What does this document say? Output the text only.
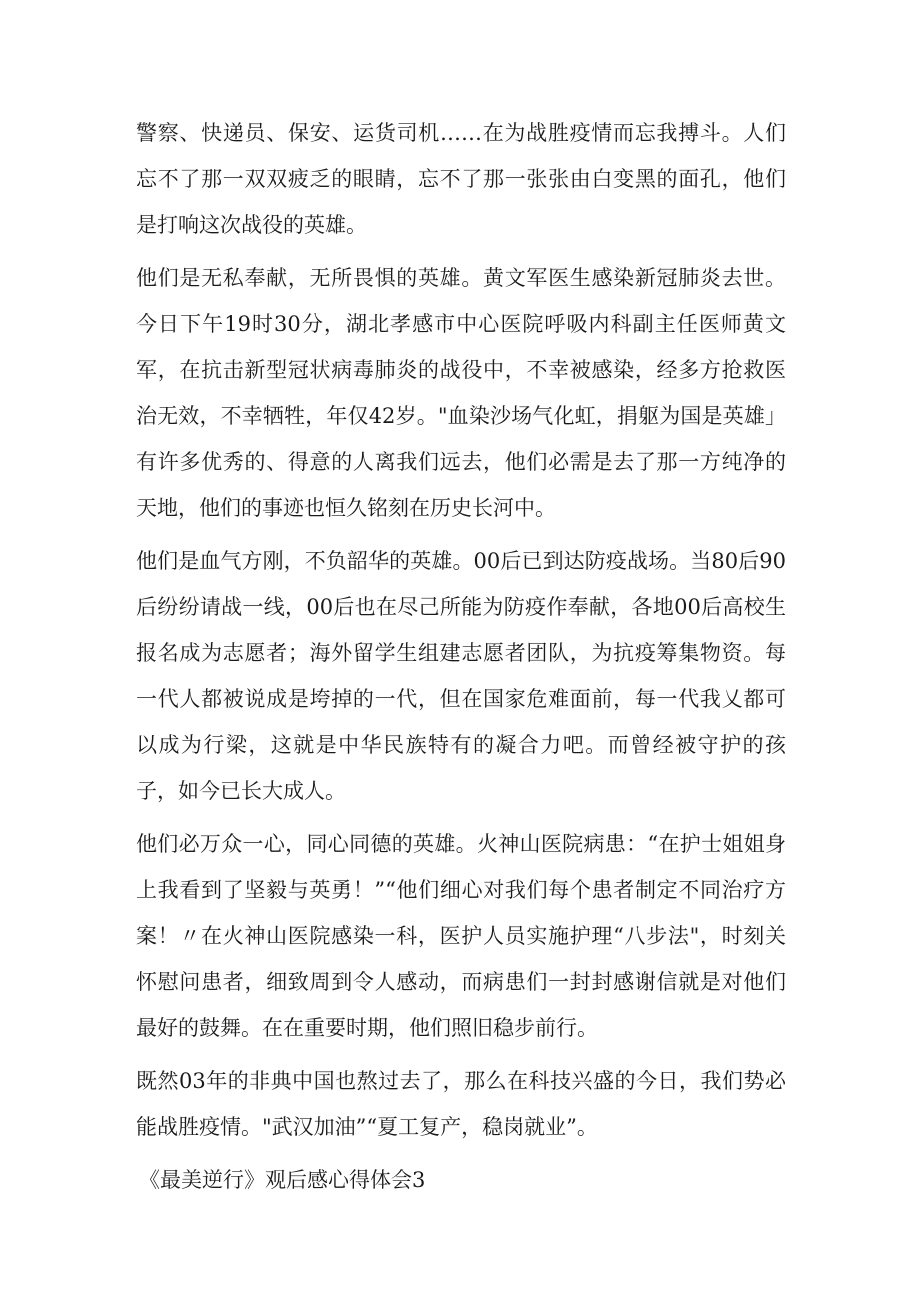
警察、快递员、保安、运货司机……在为战胜疫情而忘我搏斗。人们忘不了那一双双疲乏的眼睛，忘不了那一张张由白变黑的面孔，他们是打响这次战役的英雄。

他们是无私奉献，无所畏惧的英雄。黄文军医生感染新冠肺炎去世。今日下午19时30分，湖北孝感市中心医院呼吸内科副主任医师黄文军，在抗击新型冠状病毒肺炎的战役中，不幸被感染，经多方抢救医治无效，不幸牺牲，年仅42岁。"血染沙场气化虹，捐躯为国是英雄」有许多优秀的、得意的人离我们远去，他们必需是去了那一方纯净的天地，他们的事迹也恒久铭刻在历史长河中。

他们是血气方刚，不负韶华的英雄。00后已到达防疫战场。当80后90后纷纷请战一线，00后也在尽己所能为防疫作奉献，各地00后高校生报名成为志愿者；海外留学生组建志愿者团队，为抗疫筹集物资。每一代人都被说成是垮掉的一代，但在国家危难面前，每一代我乂都可以成为行梁，这就是中华民族特有的凝合力吧。而曾经被守护的孩子，如今已长大成人。

他们必万众一心，同心同德的英雄。火神山医院病患：“在护士姐姐身上我看到了坚毅与英勇！”“他们细心对我们每个患者制定不同治疗方案！〃在火神山医院感染一科，医护人员实施护理“八步法"，时刻关怀慰问患者，细致周到令人感动，而病患们一封封感谢信就是对他们最好的鼓舞。在在重要时期，他们照旧稳步前行。

既然03年的非典中国也熬过去了，那么在科技兴盛的今日，我们势必能战胜疫情。"武汉加油”“夏工复产，稳岗就业”。

《最美逆行》观后感心得体会3
